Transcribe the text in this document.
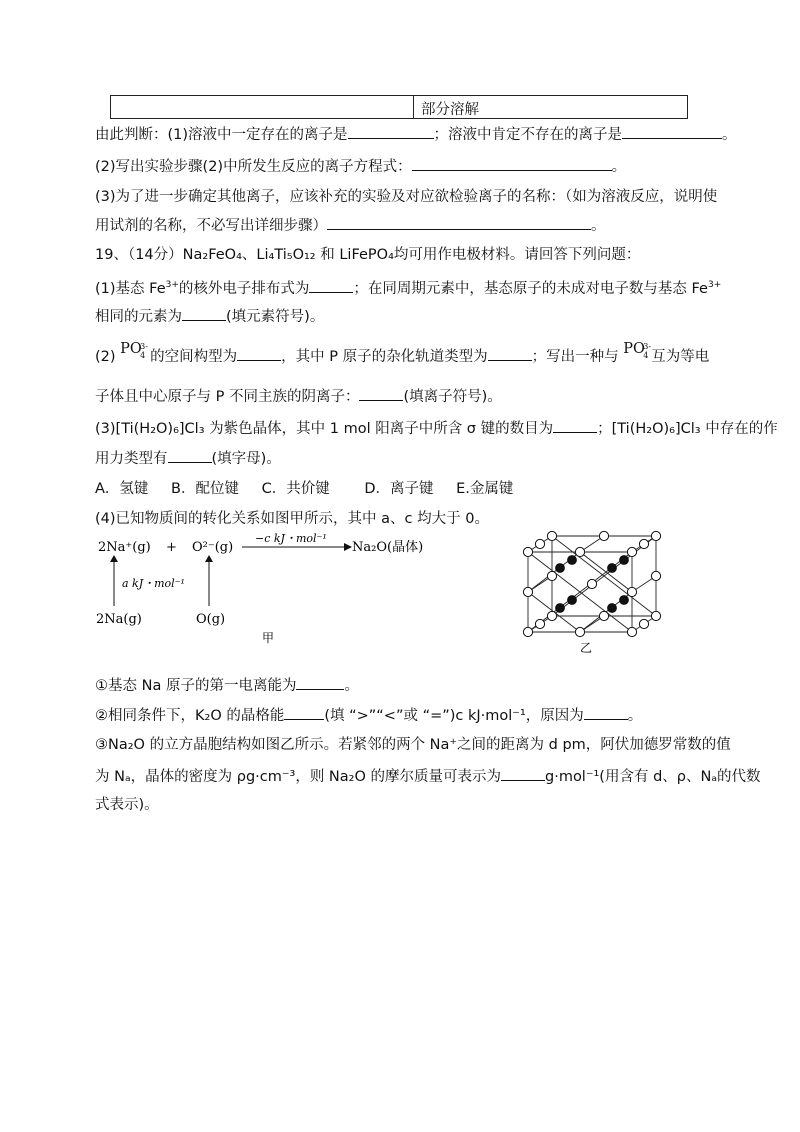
部分溶解
由此判断：(1)溶液中一定存在的离子是	；溶液中肯定不存在的离子是	。
(2)写出实验步骤(2)中所发生反应的离子方程式：	。
(3)为了进一步确定其他离子，应该补充的实验及对应欲检验离子的名称：（如为溶液反应，说明使
用试剂的名称，不必写出详细步骤）	。
19、（14分）Na₂FeO₄、Li₄Ti₅O₁₂ 和 LiFePO₄均可用作电极材料。请回答下列问题：
(1)基态 $Fe^{3+}$的核外电子排布式为	；在同周期元素中，基态原子的未成对电子数与基态 $Fe^{3+}$
相同的元素为	(填元素符号)。
(2) PO
3-
4 的空间构型为	，其中 P 原子的杂化轨道类型为	；写出一种与 PO
3-
4 互为等电
子体且中心原子与 P 不同主族的阴离子：	(填离子符号)。
(3)[Ti(H₂O)₆]Cl₃ 为紫色晶体，其中 1 mol 阳离子中所含 σ 键的数目为	；[Ti(H₂O)₆]Cl₃ 中存在的作
用力类型有	(填字母)。
A．氢键 B．配位键 C．共价键 D．离子键 E.金属键
(4)已知物质间的转化关系如图甲所示，其中 a、c 均大于 0。
2Na⁺(g) + O²⁻(g)
−c kJ・mol⁻¹
Na₂O(晶体)
a kJ・mol⁻¹
2Na(g)	O(g)
甲
乙
①基态 Na 原子的第一电离能为	。
②相同条件下，K₂O 的晶格能	(填 “>”“<”或 “=”)c kJ·mol⁻¹，原因为	。
③Na₂O 的立方晶胞结构如图乙所示。若紧邻的两个 Na⁺之间的距离为 d pm，阿伏加德罗常数的值
为 Nₐ，晶体的密度为 ρg·cm⁻³，则 Na₂O 的摩尔质量可表示为	g·mol⁻¹(用含有 d、ρ、Nₐ的代数
式表示)。
